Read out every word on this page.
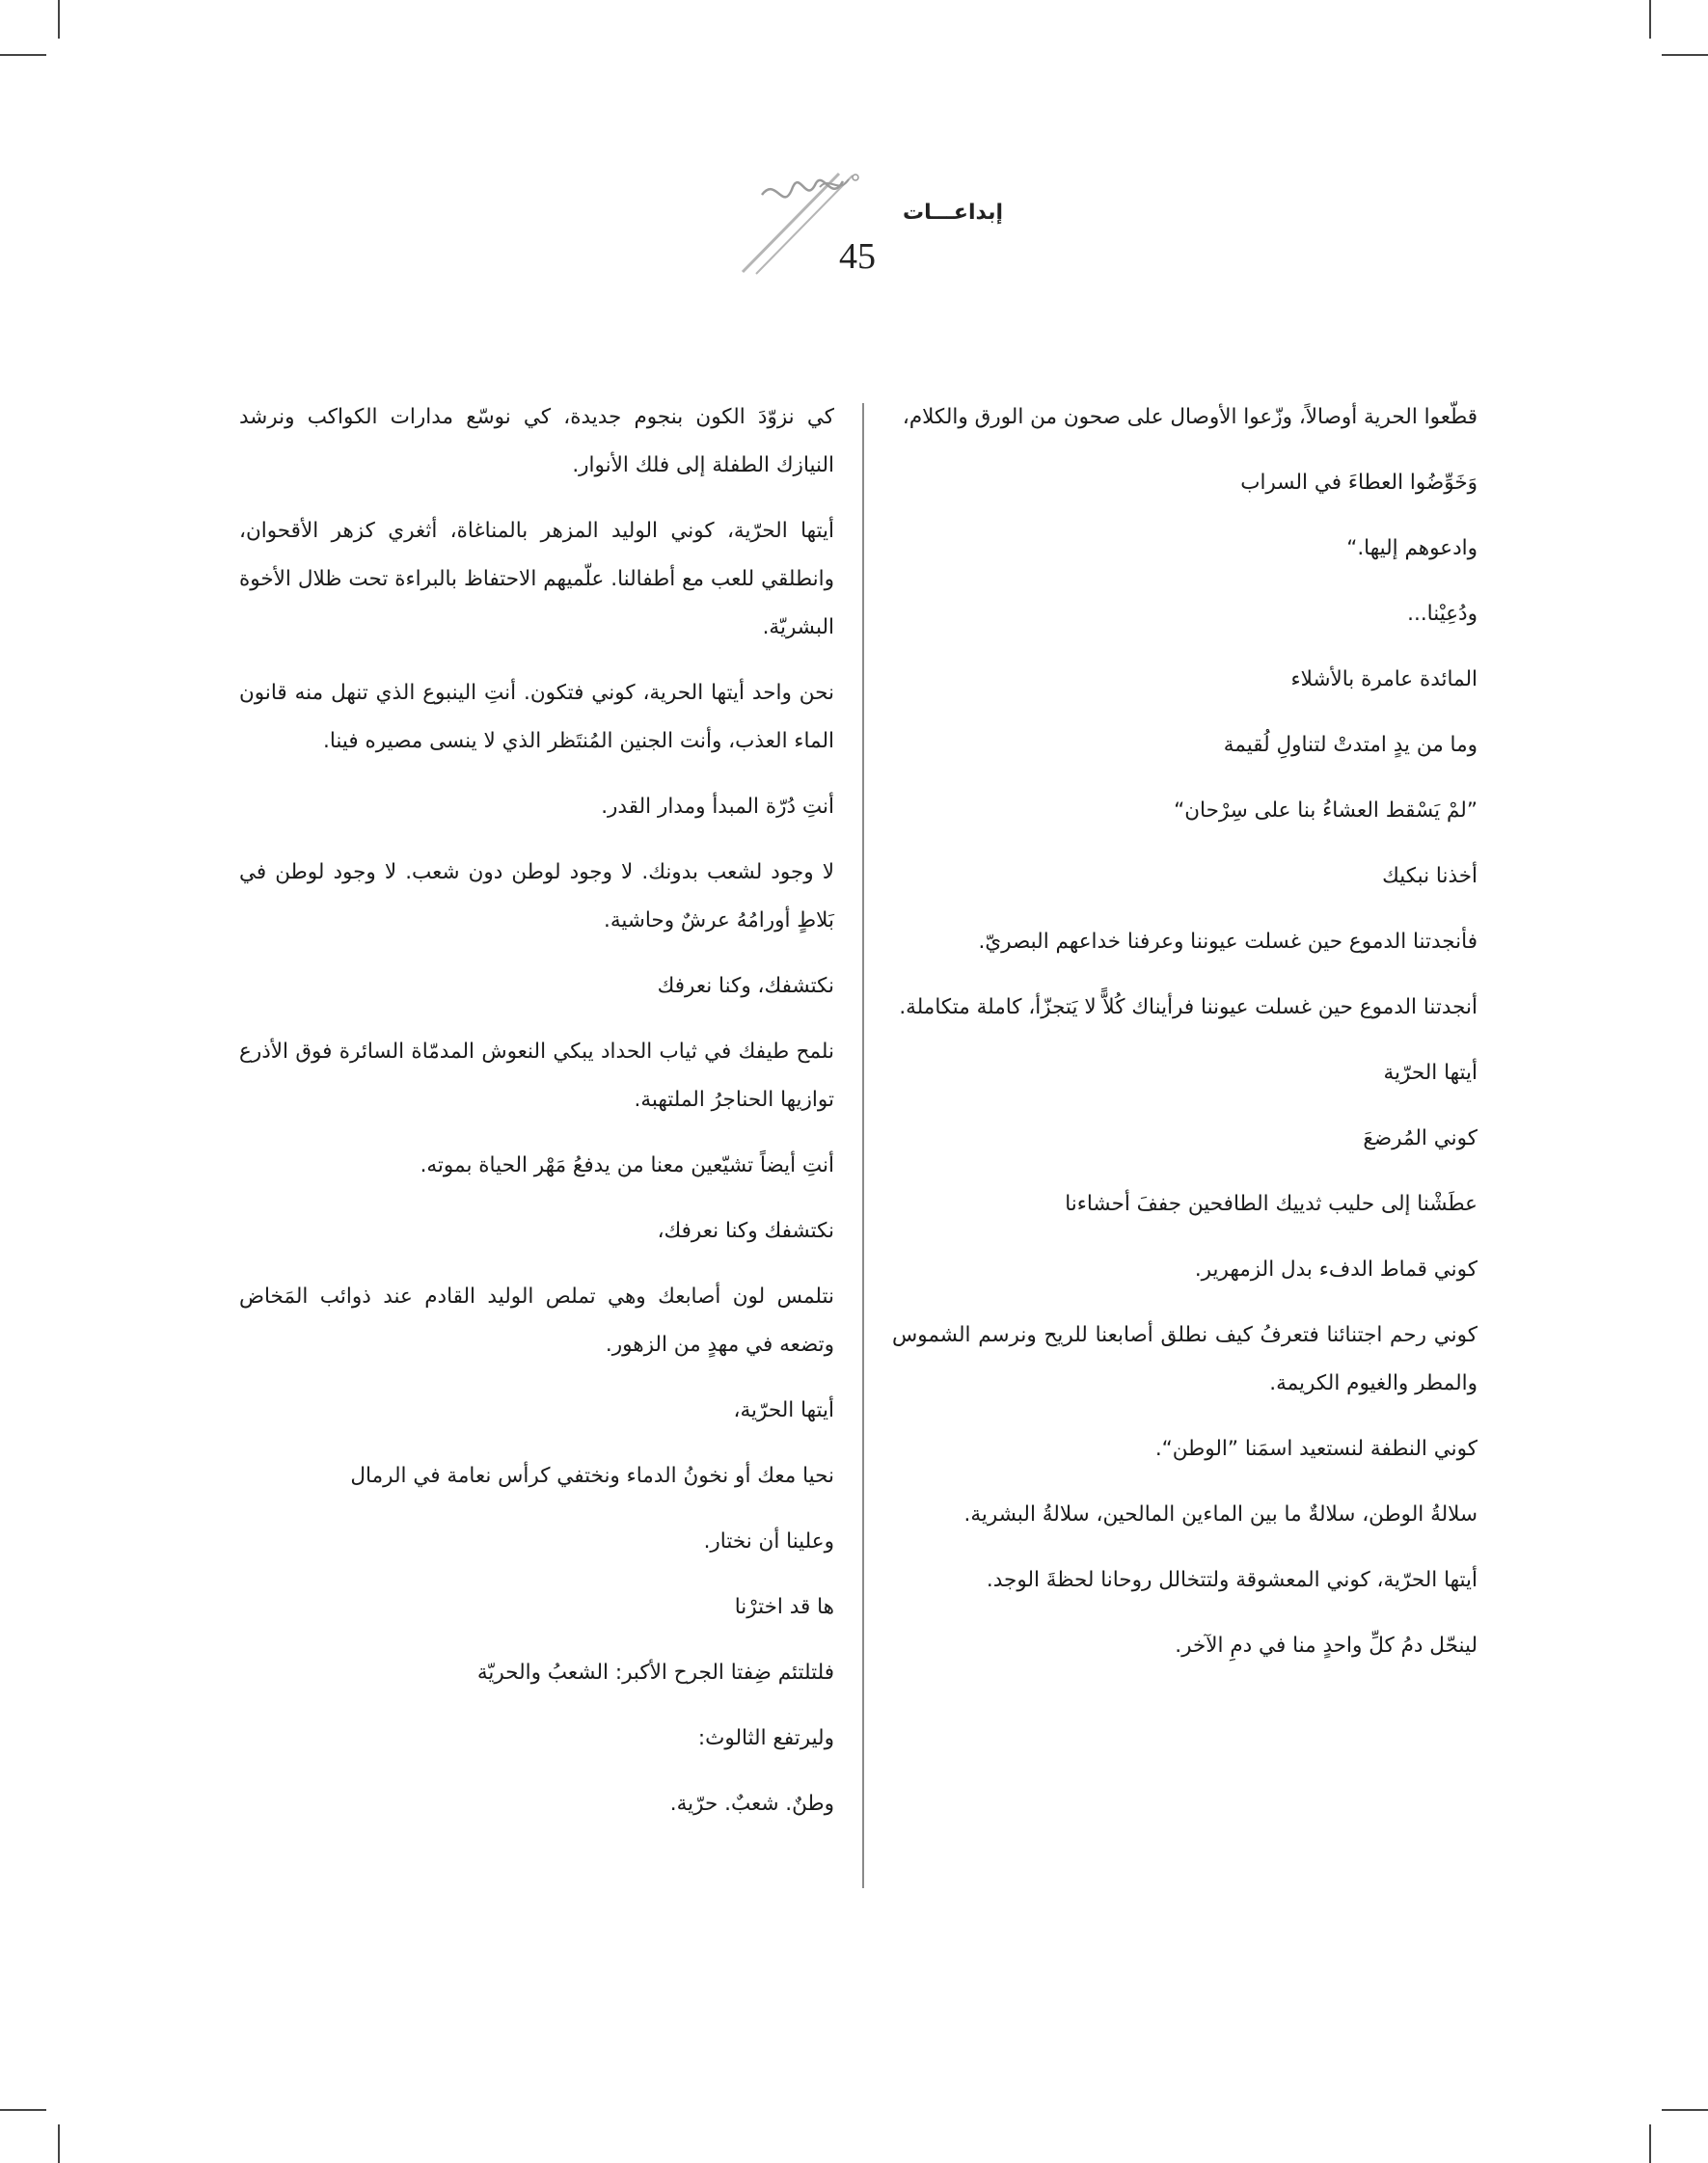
Nizwa	إبداعـــات
45

قطّعوا الحرية أوصالاً، وزّعوا الأوصال على صحون من الورق والكلام،

وَخَوِّضُوا العطاءَ في السراب

وادعوهم إليها.“

ودُعِيْنا...

المائدة عامرة بالأشلاء

وما من يدٍ امتدتْ لتناولِ لُقيمة

”لمْ يَسْقط العشاءُ بنا على سِرْحان“

أخذنا نبكيك

فأنجدتنا الدموع حين غسلت عيوننا وعرفنا خداعهم البصريّ.

أنجدتنا الدموع حين غسلت عيوننا فرأيناك كُلاًّ لا يَتجزّأ، كاملة متكاملة.

أيتها الحرّية

كوني المُرضعَ

عطَشْنا إلى حليب ثدييك الطافحين جففَ أحشاءنا

كوني قماط الدفء بدل الزمهرير.

كوني رحم اجتنائنا فتعرفُ كيف نطلق أصابعنا للريح ونرسم الشموس والمطر والغيوم الكريمة.

كوني النطفة لنستعيد اسمَنا ”الوطن“.

سلالةُ الوطن، سلالةٌ ما بين الماءين المالحين، سلالةُ البشرية.

أيتها الحرّية، كوني المعشوقة ولتتخالل روحانا لحظةَ الوجد.

لينحّل دمُ كلِّ واحدٍ منا في دمِ الآخر.

كي نزوّدَ الكون بنجوم جديدة، كي نوسّع مدارات الكواكب ونرشد النيازك الطفلة إلى فلك الأنوار.

أيتها الحرّية، كوني الوليد المزهر بالمناغاة، أثغري كزهر الأقحوان، وانطلقي للعب مع أطفالنا. علّميهم الاحتفاظ بالبراءة تحت ظلال الأخوة البشريّة.

نحن واحد أيتها الحرية، كوني فتكون. أنتِ الينبوع الذي تنهل منه قانون الماء العذب، وأنت الجنين المُنتَظر الذي لا ينسى مصيره فينا.

أنتِ دُرّة المبدأ ومدار القدر.

لا وجود لشعب بدونك. لا وجود لوطن دون شعب. لا وجود لوطن في بَلاطٍ أورامُهُ عرشٌ وحاشية.

نكتشفك، وكنا نعرفك

نلمح طيفك في ثياب الحداد يبكي النعوش المدمّاة السائرة فوق الأذرع توازيها الحناجرُ الملتهبة.

أنتِ أيضاً تشيّعين معنا من يدفعُ مَهْر الحياة بموته.

نكتشفك وكنا نعرفك،

نتلمس لون أصابعك وهي تملص الوليد القادم عند ذوائب المَخاض وتضعه في مهدٍ من الزهور.

أيتها الحرّية،

نحيا معك أو نخونُ الدماء ونختفي كرأس نعامة في الرمال

وعلينا أن نختار.

ها قد اخترْنا

فلتلتئم ضِفتا الجرح الأكبر: الشعبُ والحريّة

وليرتفع الثالوث:

وطنٌ. شعبٌ. حرّية.
